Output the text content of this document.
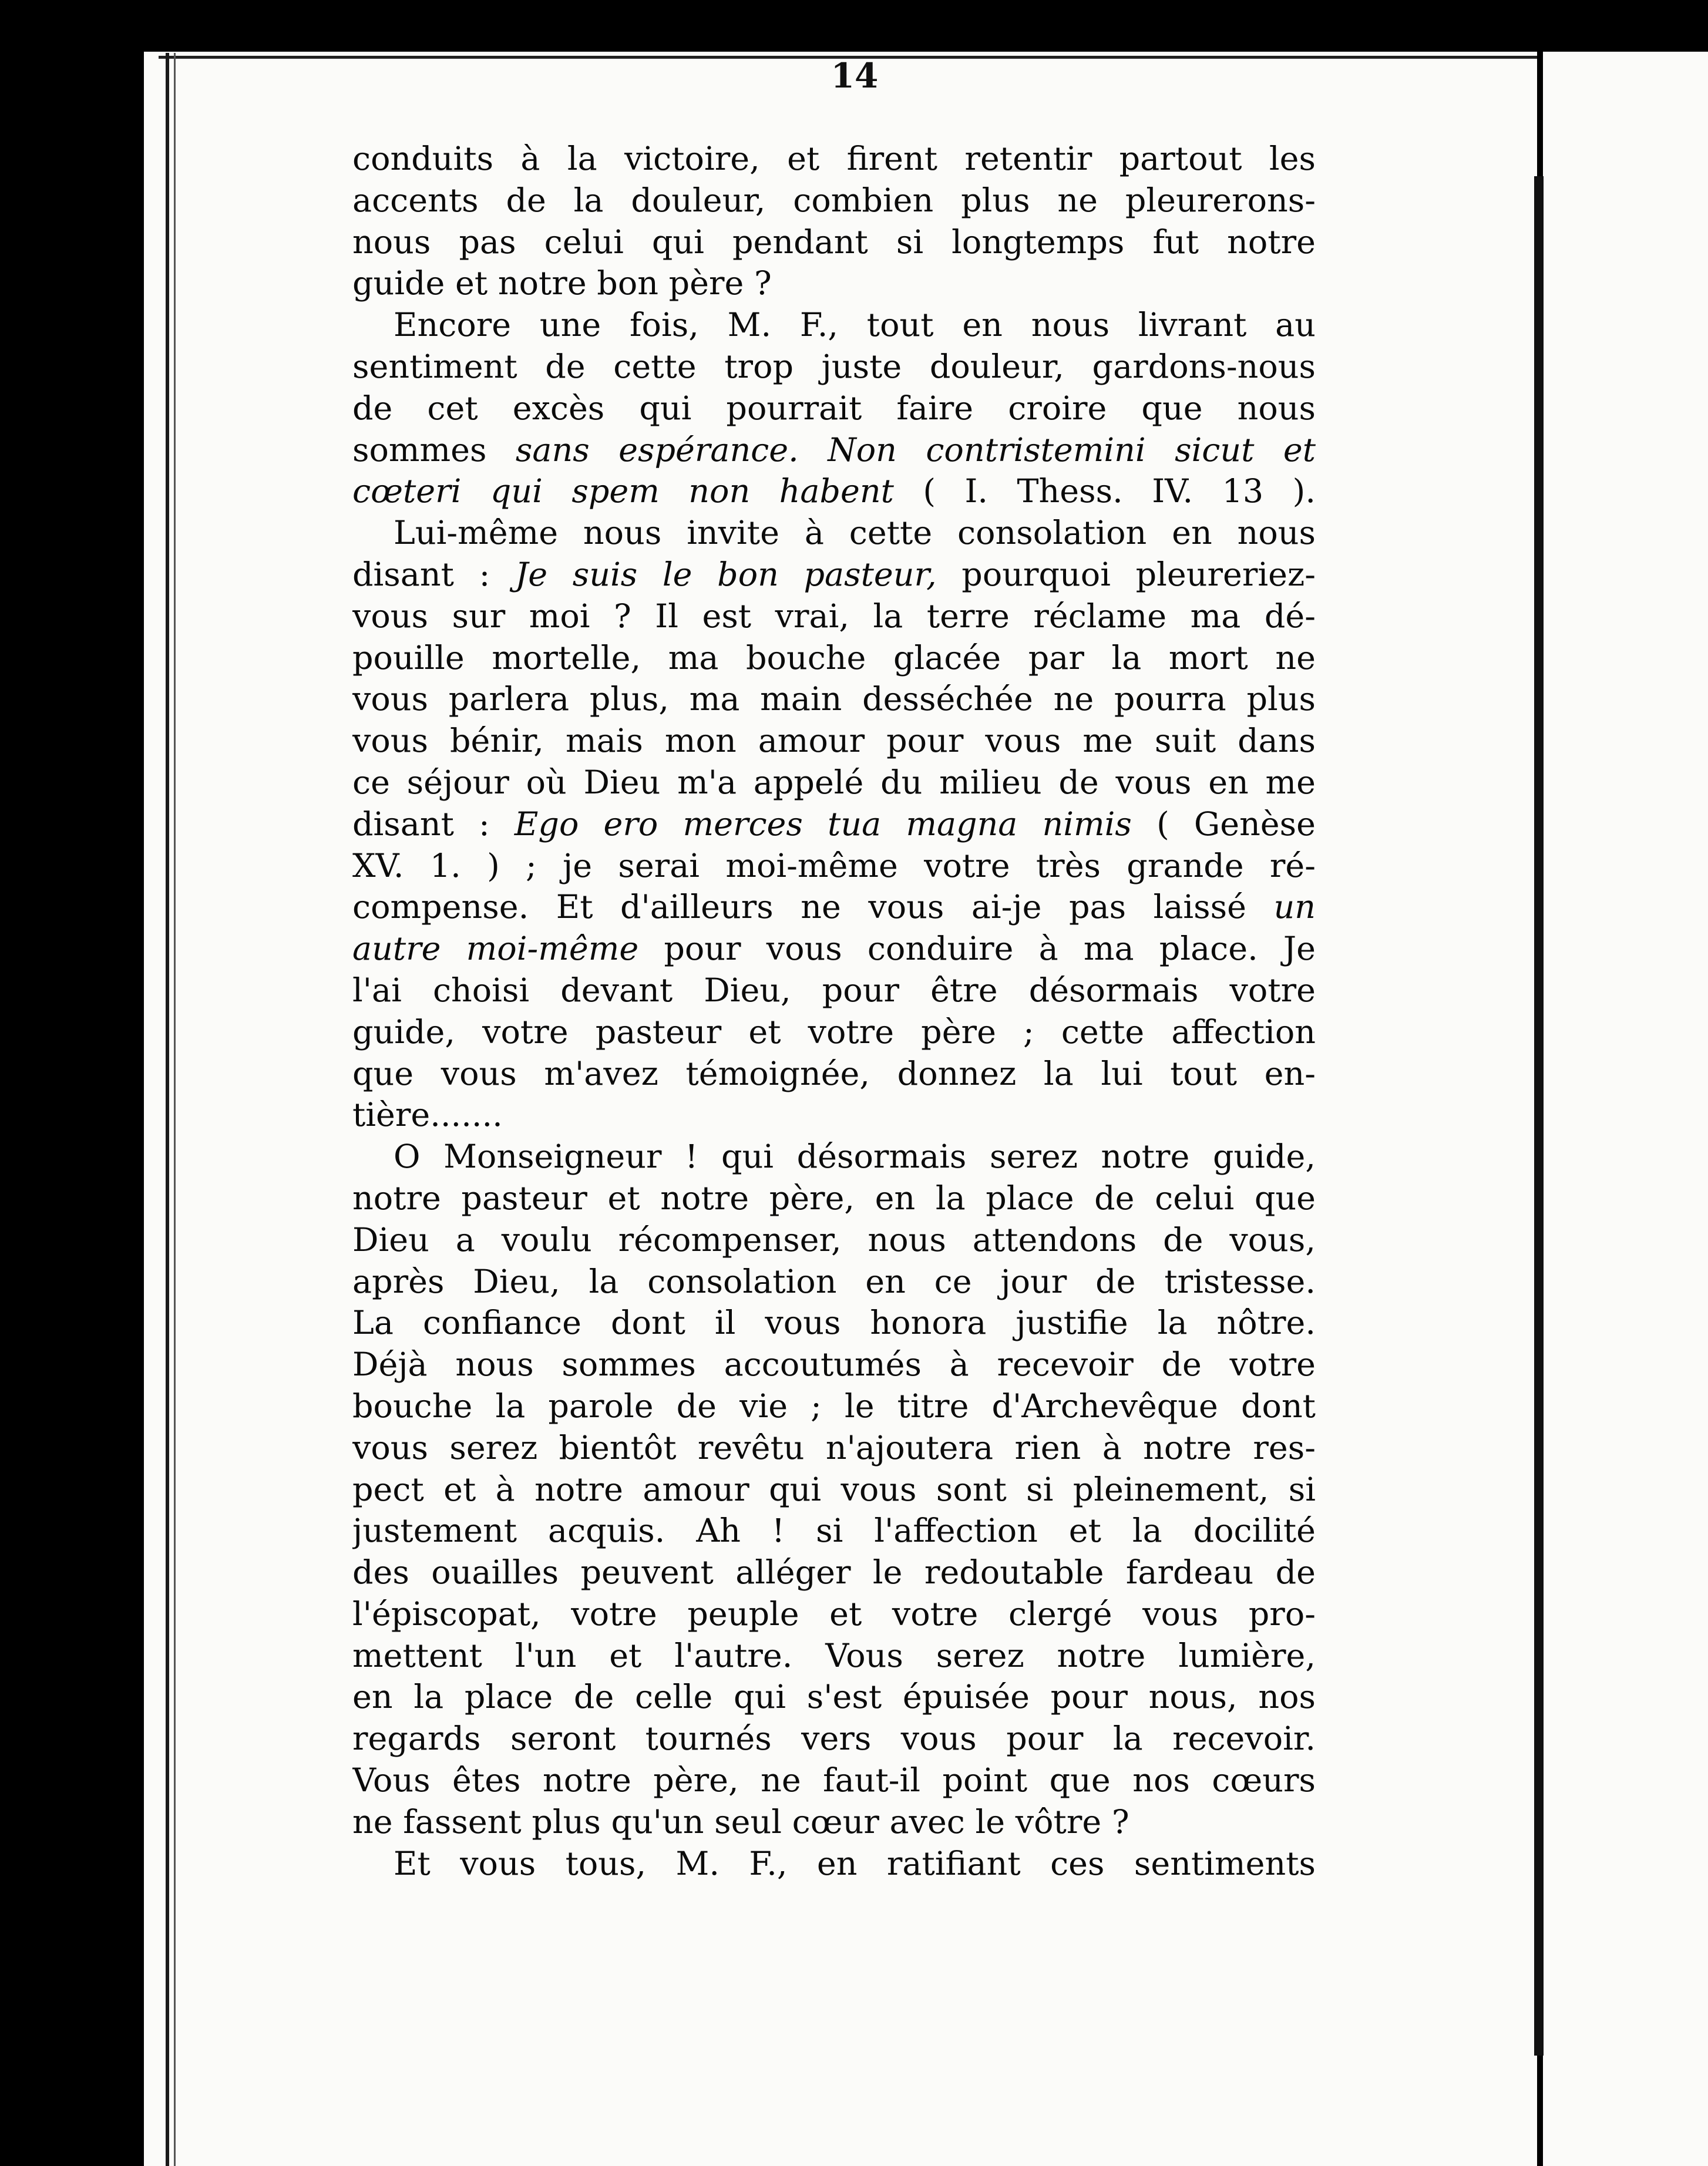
14
conduits à la victoire, et firent retentir partout les
accents de la douleur, combien plus ne pleurerons-
nous pas celui qui pendant si longtemps fut notre
guide et notre bon père ?
Encore une fois, M. F., tout en nous livrant au
sentiment de cette trop juste douleur, gardons-nous
de cet excès qui pourrait faire croire que nous
sommes sans espérance. Non contristemini sicut et
cœteri qui spem non habent ( I. Thess. IV. 13 ).
Lui-même nous invite à cette consolation en nous
disant : Je suis le bon pasteur, pourquoi pleureriez-
vous sur moi ? Il est vrai, la terre réclame ma dé-
pouille mortelle, ma bouche glacée par la mort ne
vous parlera plus, ma main desséchée ne pourra plus
vous bénir, mais mon amour pour vous me suit dans
ce séjour où Dieu m'a appelé du milieu de vous en me
disant : Ego ero merces tua magna nimis ( Genèse
XV. 1. ) ; je serai moi-même votre très grande ré-
compense. Et d'ailleurs ne vous ai-je pas laissé un
autre moi-même pour vous conduire à ma place. Je
l'ai choisi devant Dieu, pour être désormais votre
guide, votre pasteur et votre père ; cette affection
que vous m'avez témoignée, donnez la lui tout en-
tière.......
O Monseigneur ! qui désormais serez notre guide,
notre pasteur et notre père, en la place de celui que
Dieu a voulu récompenser, nous attendons de vous,
après Dieu, la consolation en ce jour de tristesse.
La confiance dont il vous honora justifie la nôtre.
Déjà nous sommes accoutumés à recevoir de votre
bouche la parole de vie ; le titre d'Archevêque dont
vous serez bientôt revêtu n'ajoutera rien à notre res-
pect et à notre amour qui vous sont si pleinement, si
justement acquis. Ah ! si l'affection et la docilité
des ouailles peuvent alléger le redoutable fardeau de
l'épiscopat, votre peuple et votre clergé vous pro-
mettent l'un et l'autre. Vous serez notre lumière,
en la place de celle qui s'est épuisée pour nous, nos
regards seront tournés vers vous pour la recevoir.
Vous êtes notre père, ne faut-il point que nos cœurs
ne fassent plus qu'un seul cœur avec le vôtre ?
Et vous tous, M. F., en ratifiant ces sentiments
